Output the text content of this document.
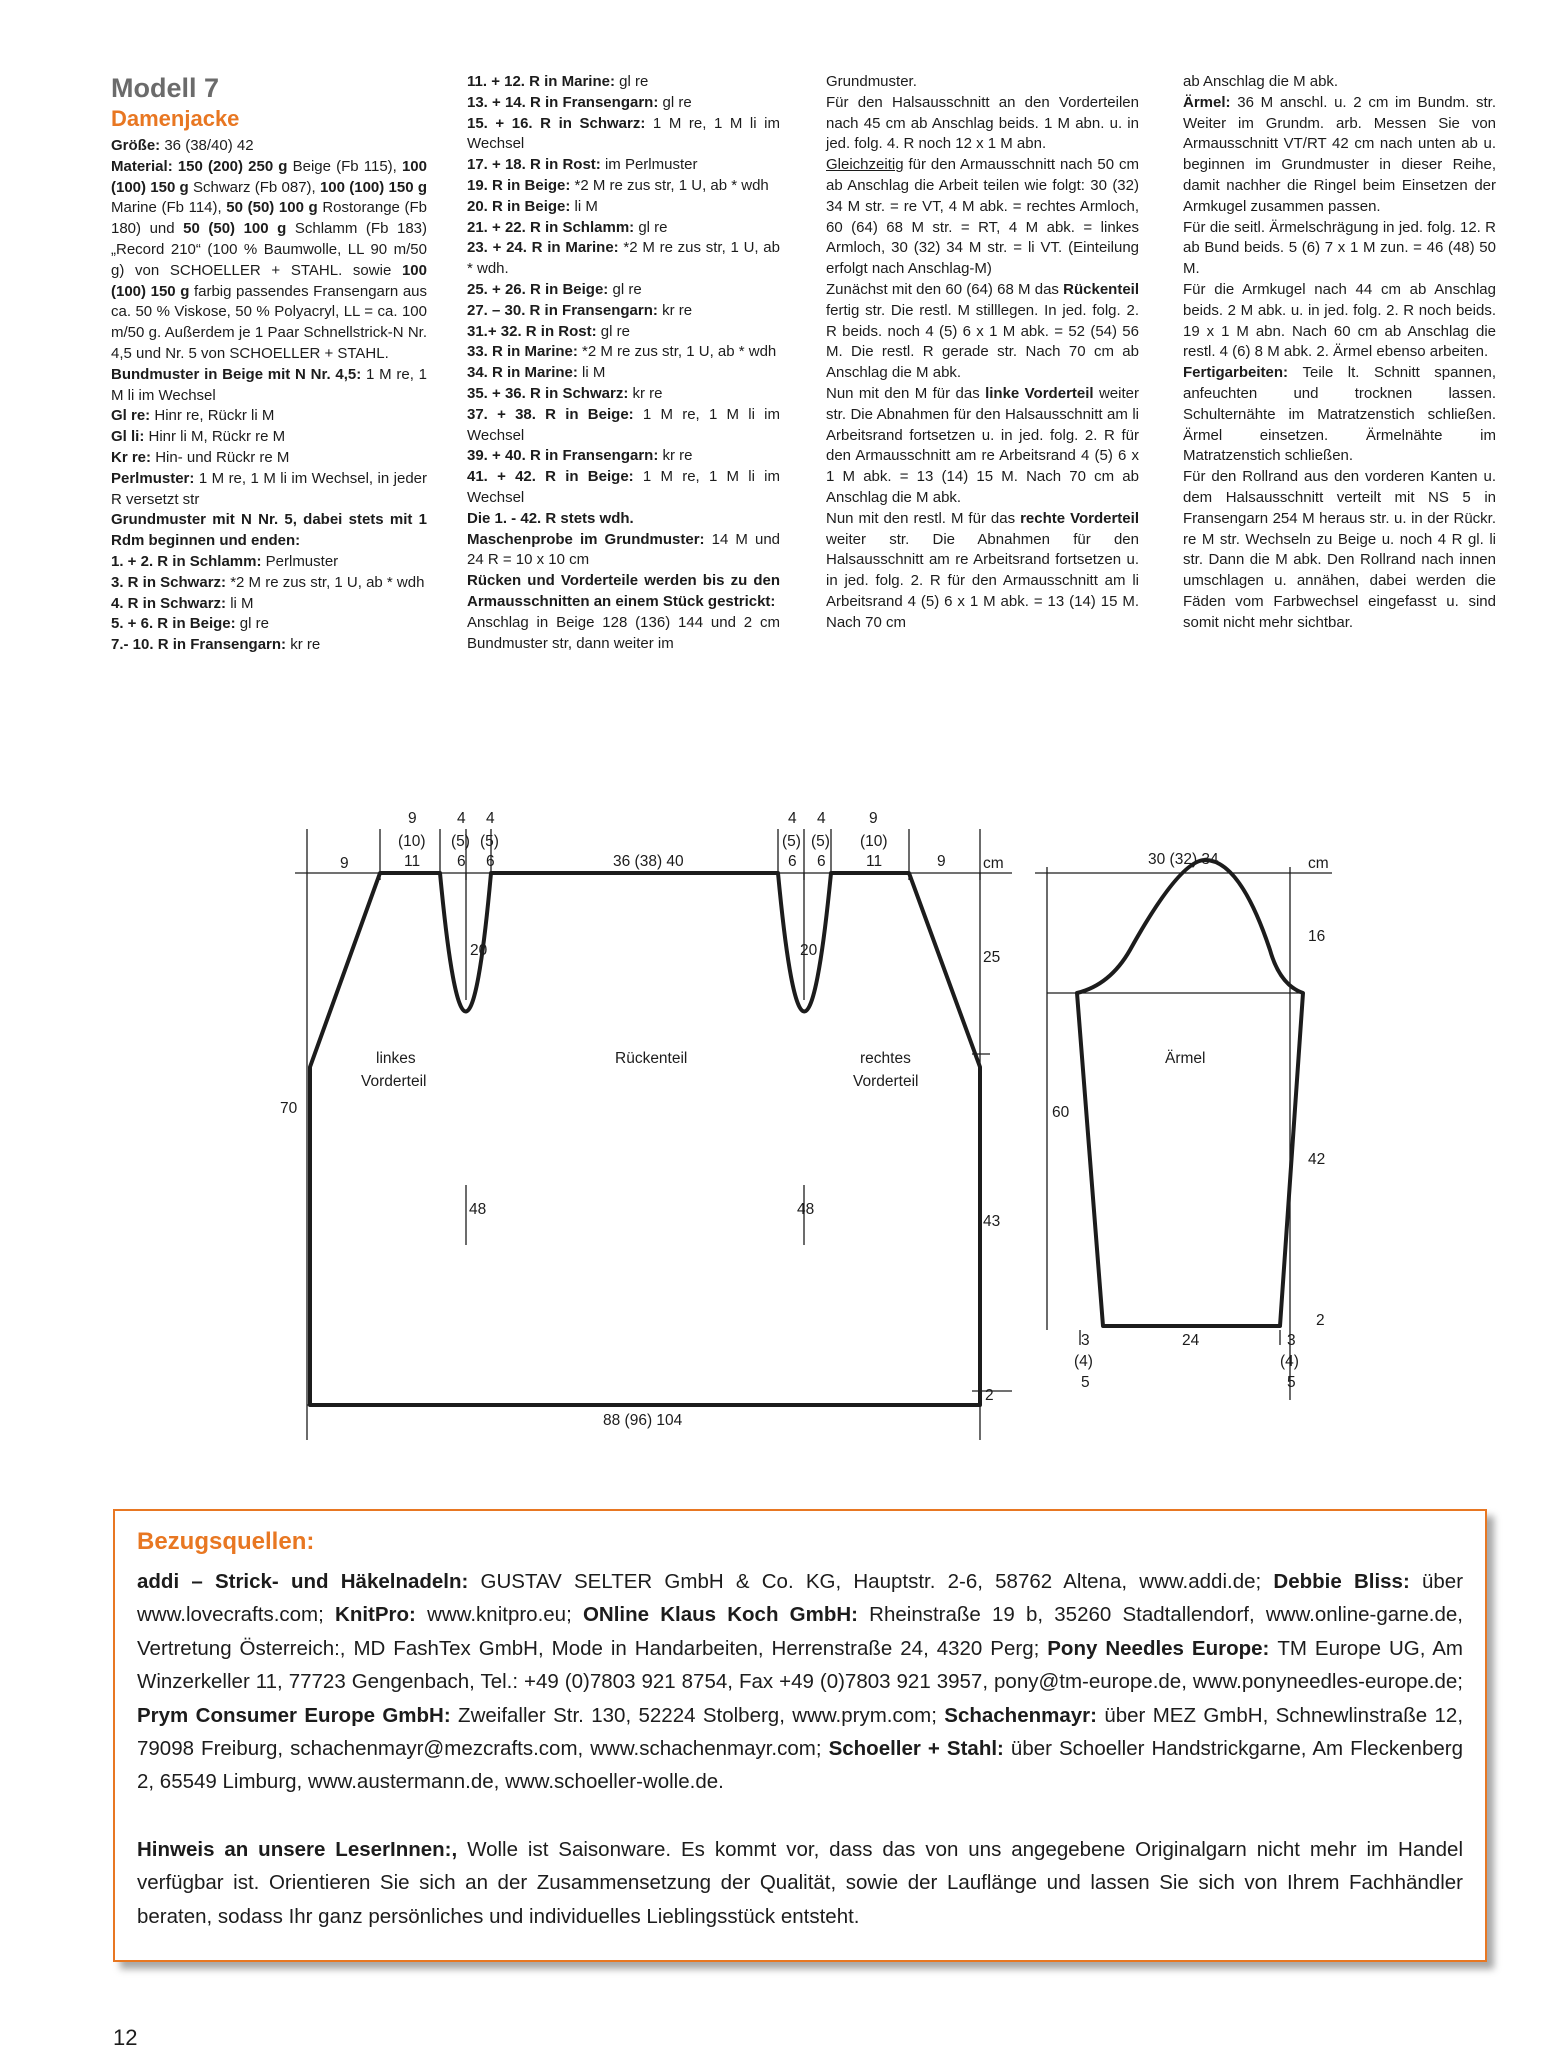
Modell 7

Damenjacke

Größe: 36 (38/40) 42
Material: 150 (200) 250 g Beige (Fb 115), 100 (100) 150 g Schwarz (Fb 087), 100 (100) 150 g Marine (Fb 114), 50 (50) 100 g Rostorange (Fb 180) und 50 (50) 100 g Schlamm (Fb 183) „Record 210“ (100 % Baumwolle, LL 90 m/50 g) von SCHOELLER + STAHL. sowie 100 (100) 150 g farbig passendes Fransengarn aus ca. 50 % Viskose, 50 % Polyacryl, LL = ca. 100 m/50 g. Außerdem je 1 Paar Schnellstrick-N Nr. 4,5 und Nr. 5 von SCHOELLER + STAHL.
Bundmuster in Beige mit N Nr. 4,5: 1 M re, 1 M li im Wechsel
Gl re: Hinr re, Rückr li M
Gl li: Hinr li M, Rückr re M
Kr re: Hin- und Rückr re M
Perlmuster: 1 M re, 1 M li im Wechsel, in jeder R versetzt str
Grundmuster mit N Nr. 5, dabei stets mit 1 Rdm beginnen und enden:
1. + 2. R in Schlamm: Perlmuster
3. R in Schwarz: *2 M re zus str, 1 U, ab * wdh
4. R in Schwarz: li M
5. + 6. R in Beige: gl re
7.- 10. R in Fransengarn: kr re

11. + 12. R in Marine: gl re
13. + 14. R in Fransengarn: gl re
15. + 16. R in Schwarz: 1 M re, 1 M li im Wechsel
17. + 18. R in Rost: im Perlmuster
19. R in Beige: *2 M re zus str, 1 U, ab * wdh
20. R in Beige: li M
21. + 22. R in Schlamm: gl re
23. + 24. R in Marine: *2 M re zus str, 1 U, ab * wdh.
25. + 26. R in Beige: gl re
27. – 30. R in Fransengarn: kr re
31.+ 32. R in Rost: gl re
33. R in Marine: *2 M re zus str, 1 U, ab * wdh
34. R in Marine: li M
35. + 36. R in Schwarz: kr re
37. + 38. R in Beige: 1 M re, 1 M li im Wechsel
39. + 40. R in Fransengarn: kr re
41. + 42. R in Beige: 1 M re, 1 M li im Wechsel
Die 1. - 42. R stets wdh.
Maschenprobe im Grundmuster: 14 M und 24 R = 10 x 10 cm
Rücken und Vorderteile werden bis zu den Armausschnitten an einem Stück gestrickt:
Anschlag in Beige 128 (136) 144 und 2 cm Bundmuster str, dann weiter im

Grundmuster.
Für den Halsausschnitt an den Vorderteilen nach 45 cm ab Anschlag beids. 1 M abn. u. in jed. folg. 4. R noch 12 x 1 M abn.
Gleichzeitig für den Armausschnitt nach 50 cm ab Anschlag die Arbeit teilen wie folgt: 30 (32) 34 M str. = re VT, 4 M abk. = rechtes Armloch, 60 (64) 68 M str. = RT, 4 M abk. = linkes Armloch, 30 (32) 34 M str. = li VT. (Einteilung erfolgt nach Anschlag-M)
Zunächst mit den 60 (64) 68 M das Rückenteil fertig str. Die restl. M stilllegen. In jed. folg. 2. R beids. noch 4 (5) 6 x 1 M abk. = 52 (54) 56 M. Die restl. R gerade str. Nach 70 cm ab Anschlag die M abk.
Nun mit den M für das linke Vorderteil weiter str. Die Abnahmen für den Halsausschnitt am li Arbeitsrand fortsetzen u. in jed. folg. 2. R für den Armausschnitt am re Arbeitsrand 4 (5) 6 x 1 M abk. = 13 (14) 15 M. Nach 70 cm ab Anschlag die M abk.
Nun mit den restl. M für das rechte Vorderteil weiter str. Die Abnahmen für den Halsausschnitt am re Arbeitsrand fortsetzen u. in jed. folg. 2. R für den Armausschnitt am li Arbeitsrand 4 (5) 6 x 1 M abk. = 13 (14) 15 M. Nach 70 cm

ab Anschlag die M abk.
Ärmel: 36 M anschl. u. 2 cm im Bundm. str. Weiter im Grundm. arb. Messen Sie von Armausschnitt VT/RT 42 cm nach unten ab u. beginnen im Grundmuster in dieser Reihe, damit nachher die Ringel beim Einsetzen der Armkugel zusammen passen.
Für die seitl. Ärmelschrägung in jed. folg. 12. R ab Bund beids. 5 (6) 7 x 1 M zun. = 46 (48) 50 M.
Für die Armkugel nach 44 cm ab Anschlag beids. 2 M abk. u. in jed. folg. 2. R noch beids. 19 x 1 M abn. Nach 60 cm ab Anschlag die restl. 4 (6) 8 M abk. 2. Ärmel ebenso arbeiten.
Fertigarbeiten: Teile lt. Schnitt spannen, anfeuchten und trocknen lassen. Schulternähte im Matratzenstich schließen. Ärmel einsetzen. Ärmelnähte im Matratzenstich schließen.
Für den Rollrand aus den vorderen Kanten u. dem Halsausschnitt verteilt mit NS 5 in Fransengarn 254 M heraus str. u. in der Rückr. re M str. Wechseln zu Beige u. noch 4 R gl. li str. Dann die M abk. Den Rollrand nach innen umschlagen u. annähen, dabei werden die Fäden vom Farbwechsel eingefasst u. sind somit nicht mehr sichtbar.

9
9
(10)
11
4
(5)
6
4
(5)
6	36 (38) 40
4
(5)
6
4
(5)
6
9
(10)
11	9 cm
20	20	25
linkes
Vorderteil
Rückenteil	rechtes
Vorderteil
70
48	48
43
2
88 (96) 104
30 (32) 34	cm
16
Ärmel
60
42
2
3
(4)
5
24	3
(4)
5
Bezugsquellen:
addi – Strick- und Häkelnadeln: GUSTAV SELTER GmbH & Co. KG, Hauptstr. 2-6, 58762 Altena, www.addi.de; Debbie Bliss: über www.lovecrafts.com; KnitPro: www.knitpro.eu; ONline Klaus Koch GmbH: Rheinstraße 19 b, 35260 Stadtallendorf, www.online-garne.de, Vertretung Österreich:, MD FashTex GmbH, Mode in Handarbeiten, Herrenstraße 24, 4320 Perg; Pony Needles Europe: TM Europe UG, Am Winzerkeller 11, 77723 Gengenbach, Tel.: +49 (0)7803 921 8754, Fax +49 (0)7803 921 3957, pony@tm-europe.de, www.ponyneedles-europe.de; Prym Consumer Europe GmbH: Zweifaller Str. 130, 52224 Stolberg, www.prym.com; Schachenmayr: über MEZ GmbH, Schnewlinstraße 12, 79098 Freiburg, schachenmayr@mezcrafts.com, www.schachenmayr.com; Schoeller + Stahl: über Schoeller Handstrickgarne, Am Fleckenberg 2, 65549 Limburg, www.austermann.de, www.schoeller-wolle.de.
Hinweis an unsere LeserInnen:, Wolle ist Saisonware. Es kommt vor, dass das von uns angegebene Originalgarn nicht mehr im Handel verfügbar ist. Orientieren Sie sich an der Zusammensetzung der Qualität, sowie der Lauflänge und lassen Sie sich von Ihrem Fachhändler beraten, sodass Ihr ganz persönliches und individuelles Lieblingsstück entsteht.
12
